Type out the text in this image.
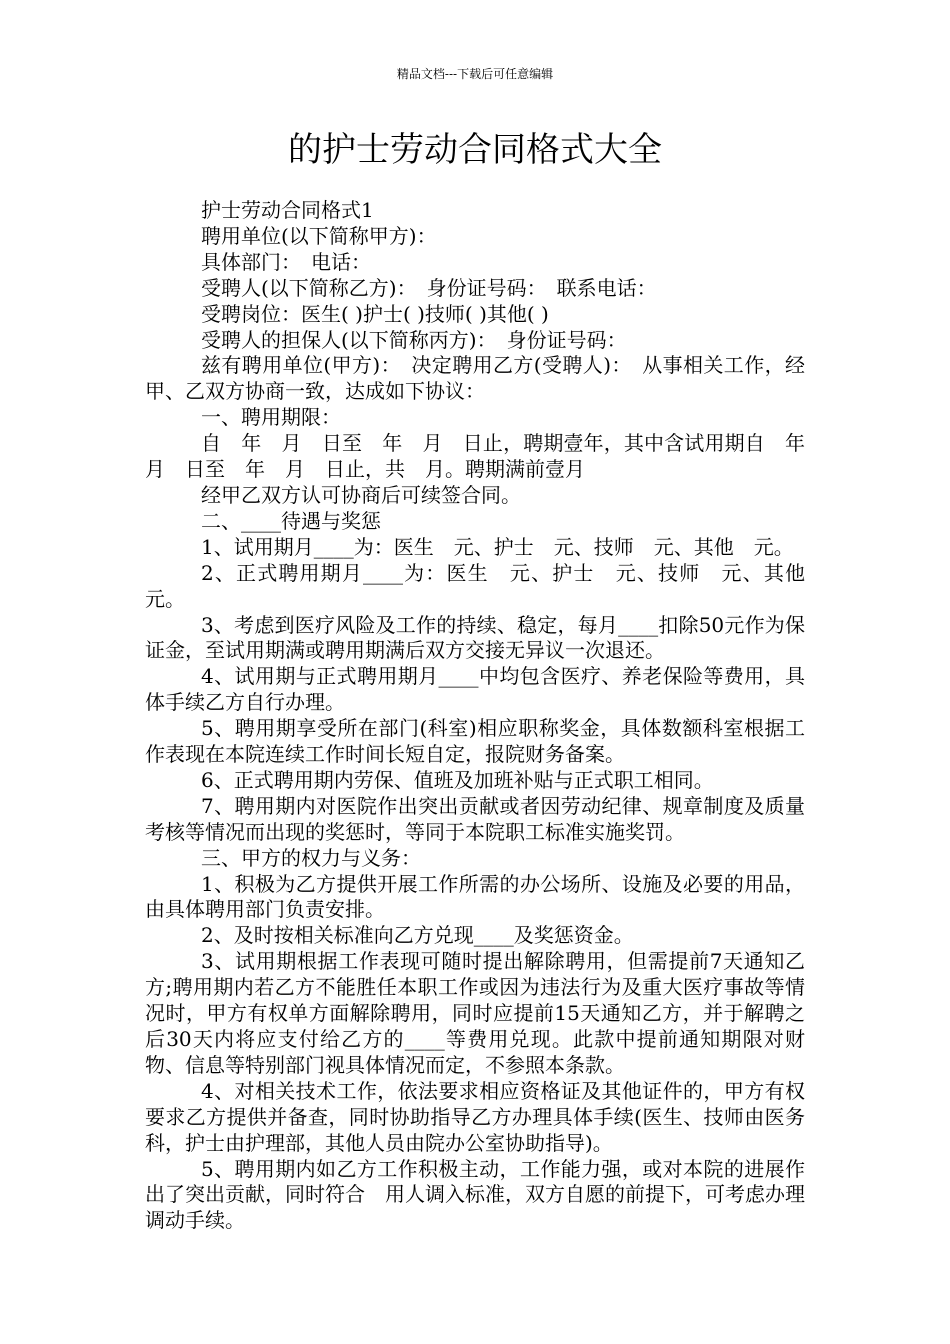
精品文档---下载后可任意编辑
的护士劳动合同格式大全

护士劳动合同格式1

聘用单位(以下简称甲方)：

具体部门：　电话：

受聘人(以下简称乙方)：　身份证号码：　联系电话：

受聘岗位：医生( )护士( )技师( )其他( )

受聘人的担保人(以下简称丙方)：　身份证号码：

兹有聘用单位(甲方)：　决定聘用乙方(受聘人)：　从事相关工作，经甲、乙双方协商一致，达成如下协议：

一、聘用期限：

自　年　月　日至　年　月　日止，聘期壹年，其中含试用期自　年　月　日至　年　月　日止，共　月。聘期满前壹月

经甲乙双方认可协商后可续签合同。

二、____待遇与奖惩

1、试用期月____为：医生　元、护士　元、技师　元、其他　元。

2、正式聘用期月____为：医生　元、护士　元、技师　元、其他　元。

3、考虑到医疗风险及工作的持续、稳定，每月____扣除50元作为保证金，至试用期满或聘用期满后双方交接无异议一次退还。

4、试用期与正式聘用期月____中均包含医疗、养老保险等费用，具体手续乙方自行办理。

5、聘用期享受所在部门(科室)相应职称奖金，具体数额科室根据工作表现在本院连续工作时间长短自定，报院财务备案。

6、正式聘用期内劳保、值班及加班补贴与正式职工相同。

7、聘用期内对医院作出突出贡献或者因劳动纪律、规章制度及质量考核等情况而出现的奖惩时，等同于本院职工标准实施奖罚。

三、甲方的权力与义务：

1、积极为乙方提供开展工作所需的办公场所、设施及必要的用品，由具体聘用部门负责安排。

2、及时按相关标准向乙方兑现____及奖惩资金。

3、试用期根据工作表现可随时提出解除聘用，但需提前7天通知乙方;聘用期内若乙方不能胜任本职工作或因为违法行为及重大医疗事故等情况时，甲方有权单方面解除聘用，同时应提前15天通知乙方，并于解聘之后30天内将应支付给乙方的____等费用兑现。此款中提前通知期限对财物、信息等特别部门视具体情况而定，不参照本条款。

4、对相关技术工作，依法要求相应资格证及其他证件的，甲方有权要求乙方提供并备查，同时协助指导乙方办理具体手续(医生、技师由医务科，护士由护理部，其他人员由院办公室协助指导)。

5、聘用期内如乙方工作积极主动，工作能力强，或对本院的进展作出了突出贡献，同时符合　用人调入标准，双方自愿的前提下，可考虑办理调动手续。
